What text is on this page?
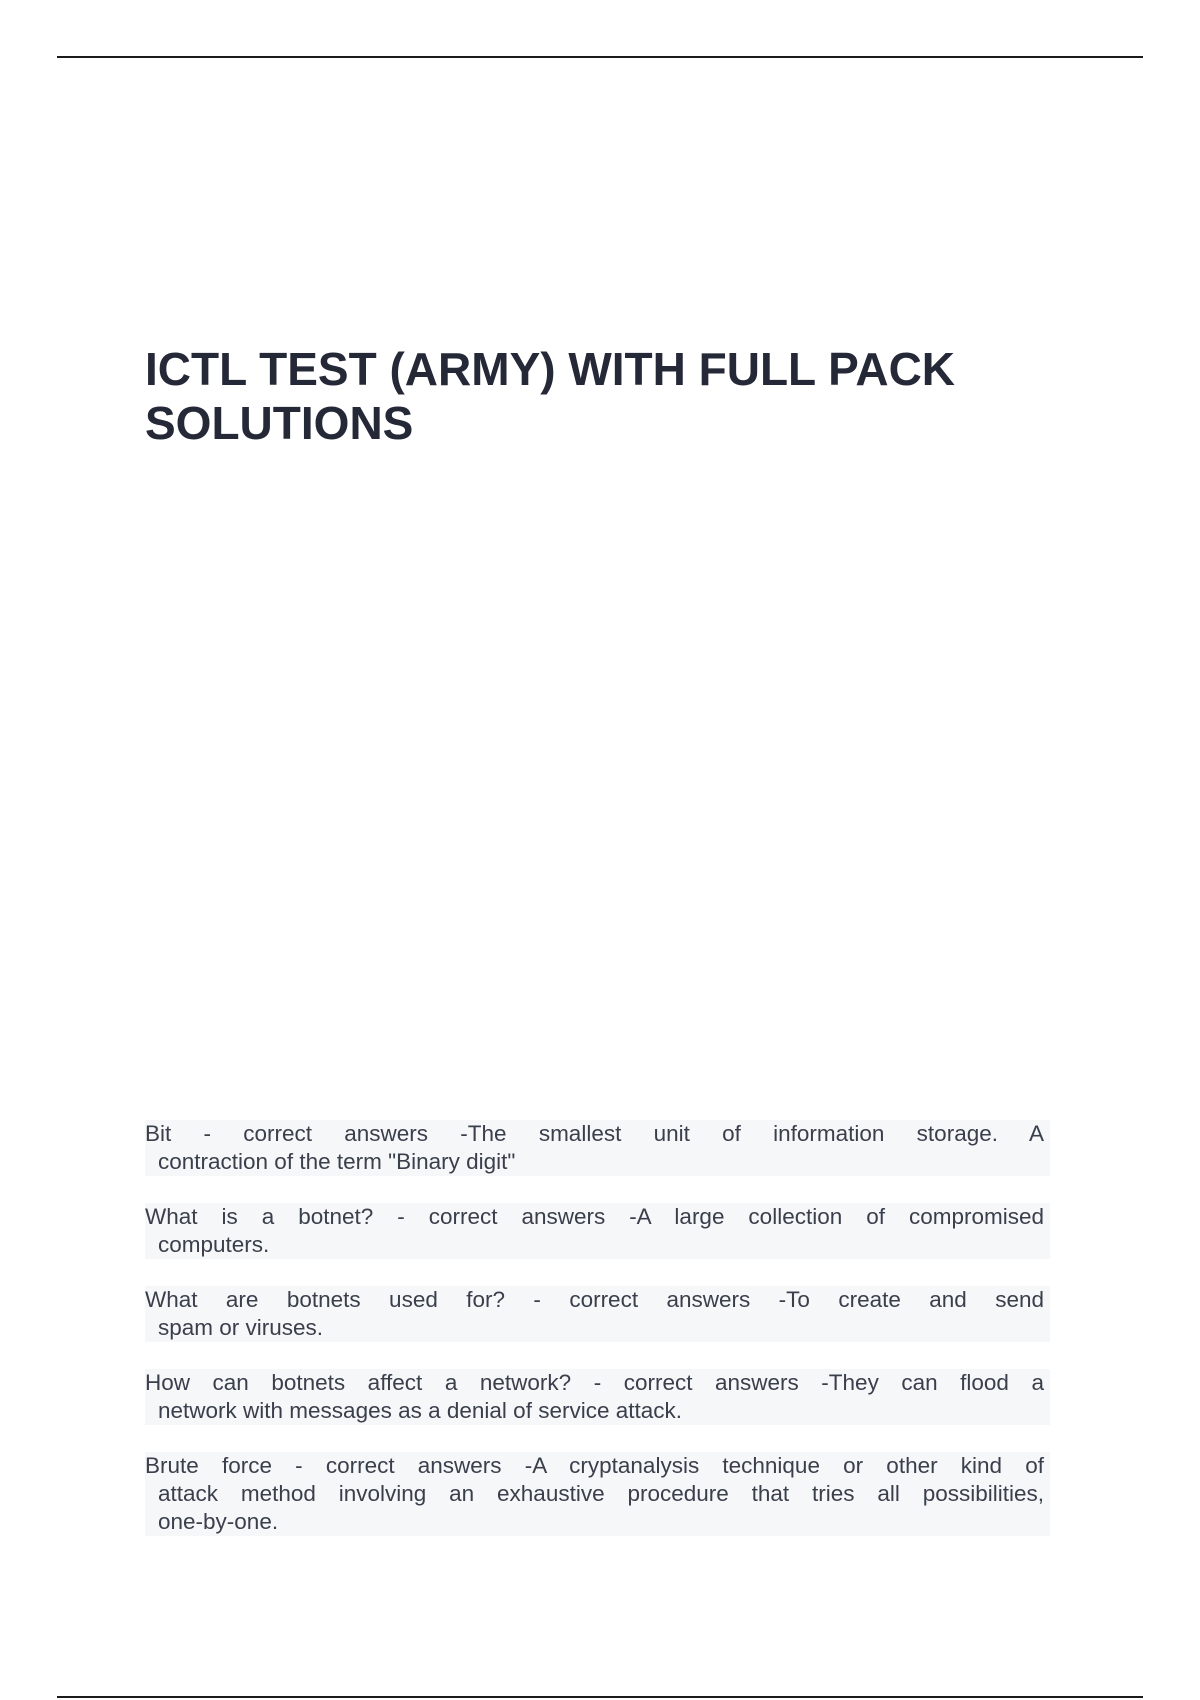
ICTL TEST (ARMY) WITH FULL PACK
SOLUTIONS

Bit - correct answers -The smallest unit of information storage. A
contraction of the term "Binary digit"

What is a botnet? - correct answers -A large collection of compromised
computers.

What are botnets used for? - correct answers -To create and send
spam or viruses.

How can botnets affect a network? - correct answers -They can flood a
network with messages as a denial of service attack.

Brute force - correct answers -A cryptanalysis technique or other kind of
attack method involving an exhaustive procedure that tries all possibilities,
one-by-one.
